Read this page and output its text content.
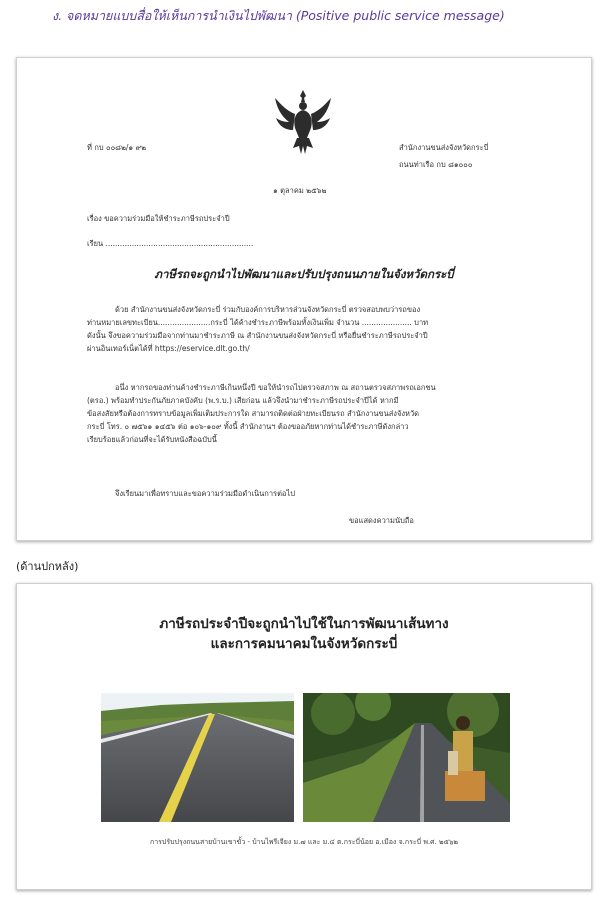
ง. จดหมายแบบสื่อให้เห็นการนำเงินไปพัฒนา (Positive public service message)
ที่ กบ ๐๐๘๒/๑ ๙๒	สำนักงานขนส่งจังหวัดกระบี่
ถนนท่าเรือ กบ ๘๑๐๐๐
๑ ตุลาคม ๒๕๖๒
เรื่อง ขอความร่วมมือให้ชำระภาษีรถประจำปี
เรียน ..............................................................
ภาษีรถจะถูกนำไปพัฒนาและปรับปรุงถนนภายในจังหวัดกระบี่
ด้วย สำนักงานขนส่งจังหวัดกระบี่ ร่วมกับองค์การบริหารส่วนจังหวัดกระบี่ ตรวจสอบพบว่ารถของ
ท่านหมายเลขทะเบียน......................กระบี่ ได้ค้างชำระภาษีพร้อมทั้งเงินเพิ่ม จำนวน ..................... บาท
ดังนั้น จึงขอความร่วมมือจากท่านมาชำระภาษี ณ สำนักงานขนส่งจังหวัดกระบี่ หรือยื่นชำระภาษีรถประจำปี
ผ่านอินเทอร์เน็ตได้ที่ https://eservice.dlt.go.th/
อนึ่ง หากรถของท่านค้างชำระภาษีเกินหนึ่งปี ขอให้นำรถไปตรวจสภาพ ณ สถานตรวจสภาพรถเอกชน
(ตรอ.) พร้อมทำประกันภัยภาคบังคับ (พ.ร.บ.) เสียก่อน แล้วจึงนำมาชำระภาษีรถประจำปีได้ หากมี
ข้อสงสัยหรือต้องการทราบข้อมูลเพิ่มเติมประการใด สามารถติดต่อฝ่ายทะเบียนรถ สำนักงานขนส่งจังหวัด
กระบี่ โทร. ๐ ๗๕๖๑ ๑๔๕๖ ต่อ ๑๐๖-๑๐๙ ทั้งนี้ สำนักงานฯ ต้องขออภัยหากท่านได้ชำระภาษีดังกล่าว
เรียบร้อยแล้วก่อนที่จะได้รับหนังสือฉบับนี้
จึงเรียนมาเพื่อทราบและขอความร่วมมือดำเนินการต่อไป
ขอแสดงความนับถือ
(ด้านปกหลัง)
ภาษีรถประจำปีจะถูกนำไปใช้ในการพัฒนาเส้นทาง
และการคมนาคมในจังหวัดกระบี่
การปรับปรุงถนนสายบ้านเขาขั้ว - บ้านไพรีเจียง ม.๗ และ ม.๔ ต.กระบี่น้อย อ.เมือง จ.กระบี่ พ.ศ. ๒๕๖๒
